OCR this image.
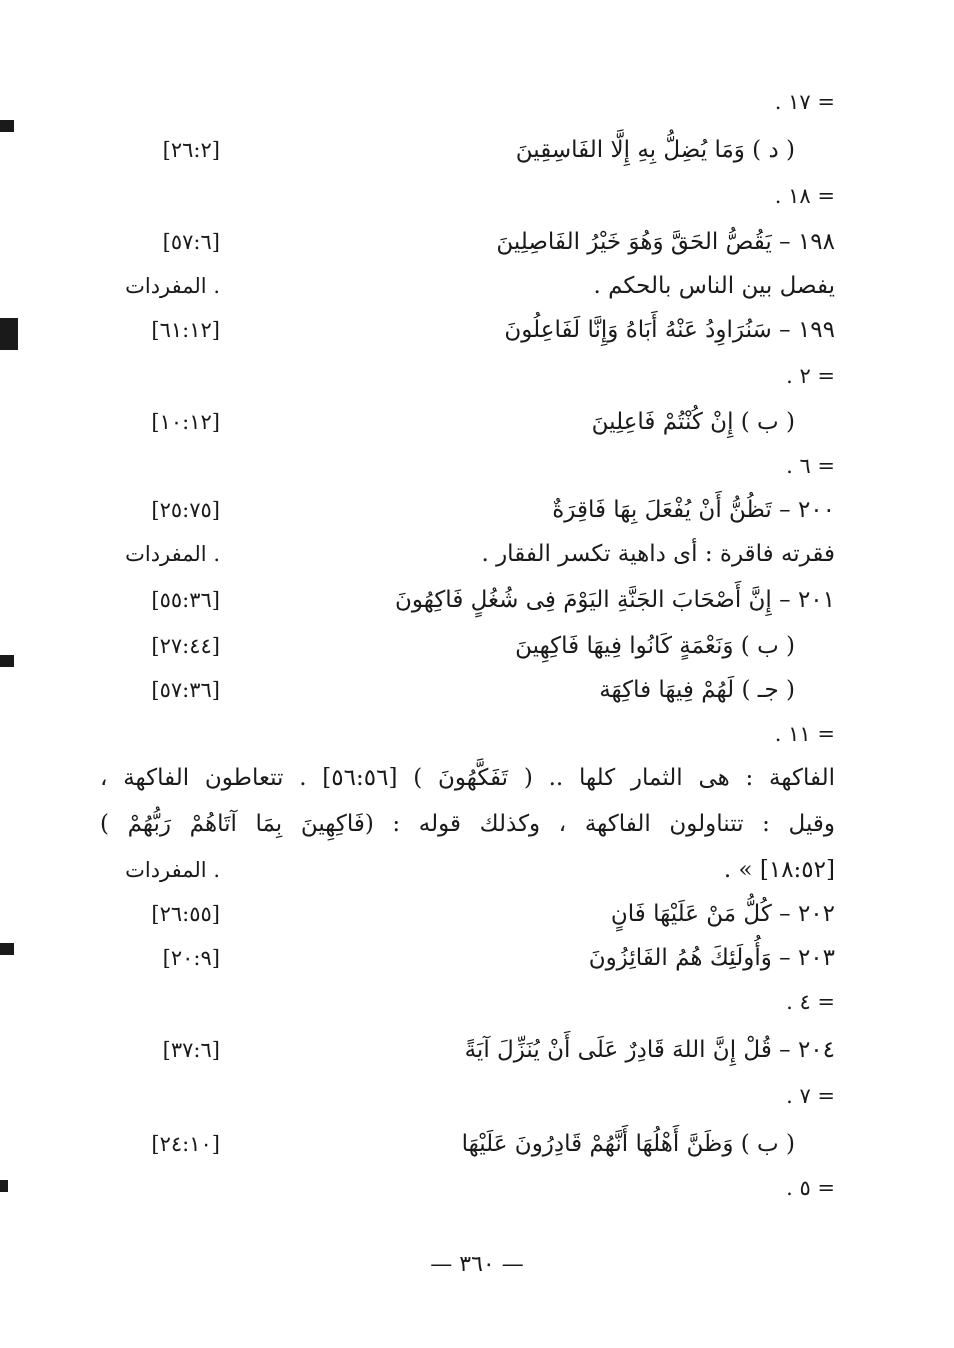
= ١٧ .
( د ) وَمَا يُضِلُّ بِهِ إِلَّا الفَاسِقِينَ
[٢٦:٢]
= ١٨ .
١٩٨ – يَقُصُّ الحَقَّ وَهُوَ خَيْرُ الفَاصِلِينَ
[٥٧:٦]
يفصل بين الناس بالحكم .
المفردات .
١٩٩ – سَنُرَاوِدُ عَنْهُ أَبَاهُ وَإِنَّا لَفَاعِلُونَ
[٦١:١٢]
= ٢ .
( ب ) إِنْ كُنْتُمْ فَاعِلِينَ
[١٠:١٢]
= ٦ .
٢٠٠ – تَظُنُّ أَنْ يُفْعَلَ بِهَا فَاقِرَةٌ
[٢٥:٧٥]
فقرته فاقرة : أى داهية تكسر الفقار .
المفردات .
٢٠١ – إِنَّ أَصْحَابَ الجَنَّةِ اليَوْمَ فِى شُغُلٍ فَاكِهُونَ
[٥٥:٣٦]
( ب ) وَنَعْمَةٍ كَانُوا فِيهَا فَاكِهِينَ
[٢٧:٤٤]
( جـ ) لَهُمْ فِيهَا فاكِهَة
[٥٧:٣٦]
= ١١ .
الفاكهة : هى الثمار كلها .. ( تَفَكَّهُونَ ) [٥٦:٥٦] . تتعاطون الفاكهة ،
وقيل : تتناولون الفاكهة ، وكذلك قوله : (فَاكِهِينَ بِمَا آتَاهُمْ رَبُّهُمْ )
[١٨:٥٢] » .
المفردات .
٢٠٢ – كُلُّ مَنْ عَلَيْهَا فَانٍ
[٢٦:٥٥]
٢٠٣ – وَأُولَئِكَ هُمُ الفَائِزُونَ
[٢٠:٩]
= ٤ .
٢٠٤ – قُلْ إِنَّ اللهَ قَادِرٌ عَلَى أَنْ يُنَزِّلَ آيَةً
[٣٧:٦]
= ٧ .
( ب ) وَظَنَّ أَهْلُهَا أَنَّهُمْ قَادِرُونَ عَلَيْهَا
[٢٤:١٠]
= ٥ .
— ٣٦٠ —
